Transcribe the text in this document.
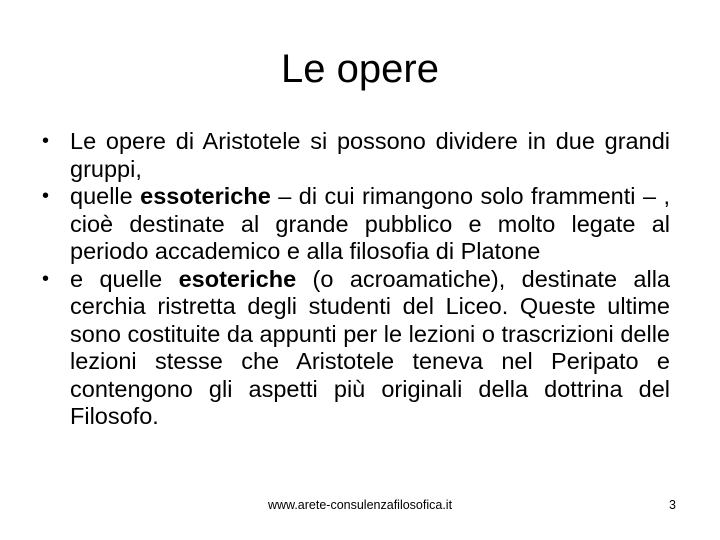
Le opere
• Le opere di Aristotele si possono dividere in due grandi gruppi,
• quelle essoteriche – di cui rimangono solo frammenti – , cioè destinate al grande pubblico e molto legate al periodo accademico e alla filosofia di Platone
• e quelle esoteriche (o acroamatiche), destinate alla cerchia ristretta degli studenti del Liceo. Queste ultime sono costituite da appunti per le lezioni o trascrizioni delle lezioni stesse che Aristotele teneva nel Peripato e contengono gli aspetti più originali della dottrina del Filosofo.
www.arete-consulenzafilosofica.it	3
